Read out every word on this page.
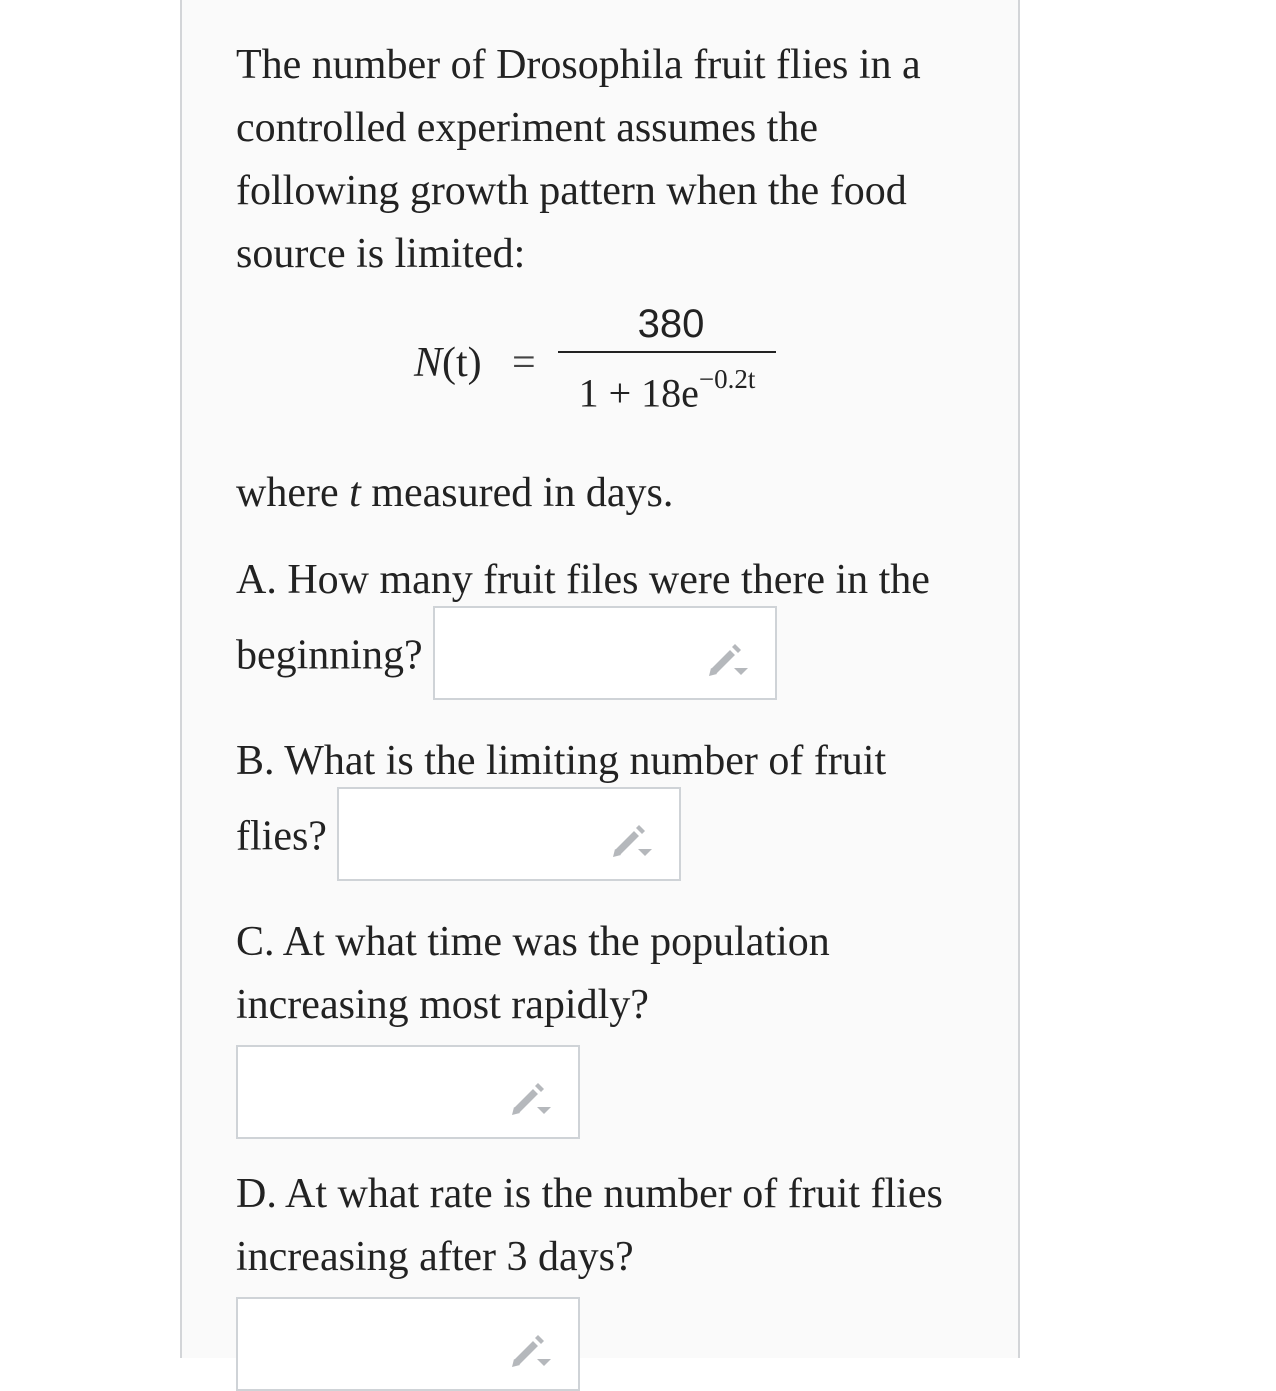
The number of Drosophila fruit flies in a controlled experiment assumes the following growth pattern when the food source is limited:

N(t) =
380
$1 + 18e^{-0.2t}$

where t measured in days.

A. How many fruit files were there in the beginning?

B. What is the limiting number of fruit flies?

C. At what time was the population increasing most rapidly?

D. At what rate is the number of fruit flies increasing after 3 days?
